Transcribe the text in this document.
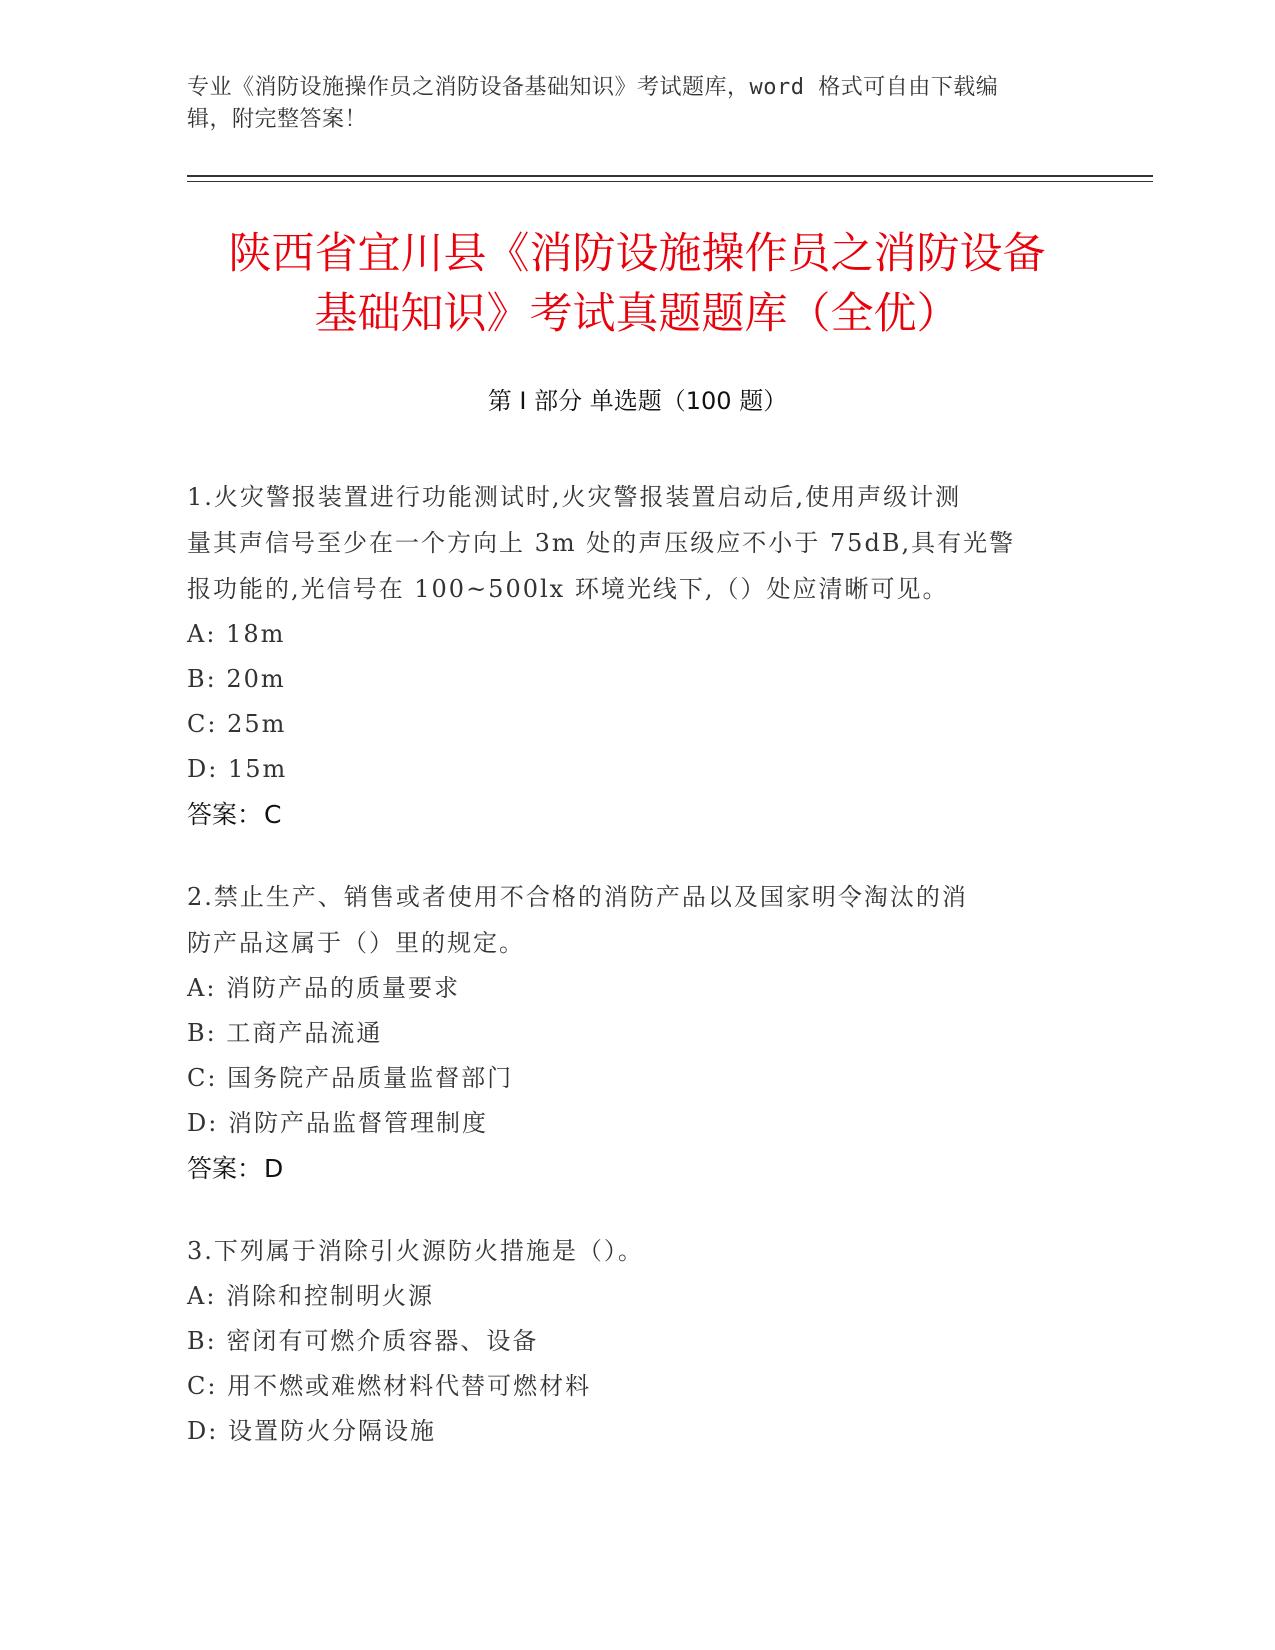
专业《消防设施操作员之消防设备基础知识》考试题库，word 格式可自由下载编
辑，附完整答案！
陕西省宜川县《消防设施操作员之消防设备
基础知识》考试真题题库（全优）
第 I 部分 单选题（100 题）
1.火灾警报装置进行功能测试时,火灾警报装置启动后,使用声级计测
量其声信号至少在一个方向上 3m 处的声压级应不小于 75dB,具有光警
报功能的,光信号在 100~500lx 环境光线下,（）处应清晰可见。
A: 18m
B: 20m
C: 25m
D: 15m
答案：C
2.禁止生产、销售或者使用不合格的消防产品以及国家明令淘汰的消
防产品这属于（）里的规定。
A: 消防产品的质量要求
B: 工商产品流通
C: 国务院产品质量监督部门
D: 消防产品监督管理制度
答案：D
3.下列属于消除引火源防火措施是（）。
A: 消除和控制明火源
B: 密闭有可燃介质容器、设备
C: 用不燃或难燃材料代替可燃材料
D: 设置防火分隔设施
